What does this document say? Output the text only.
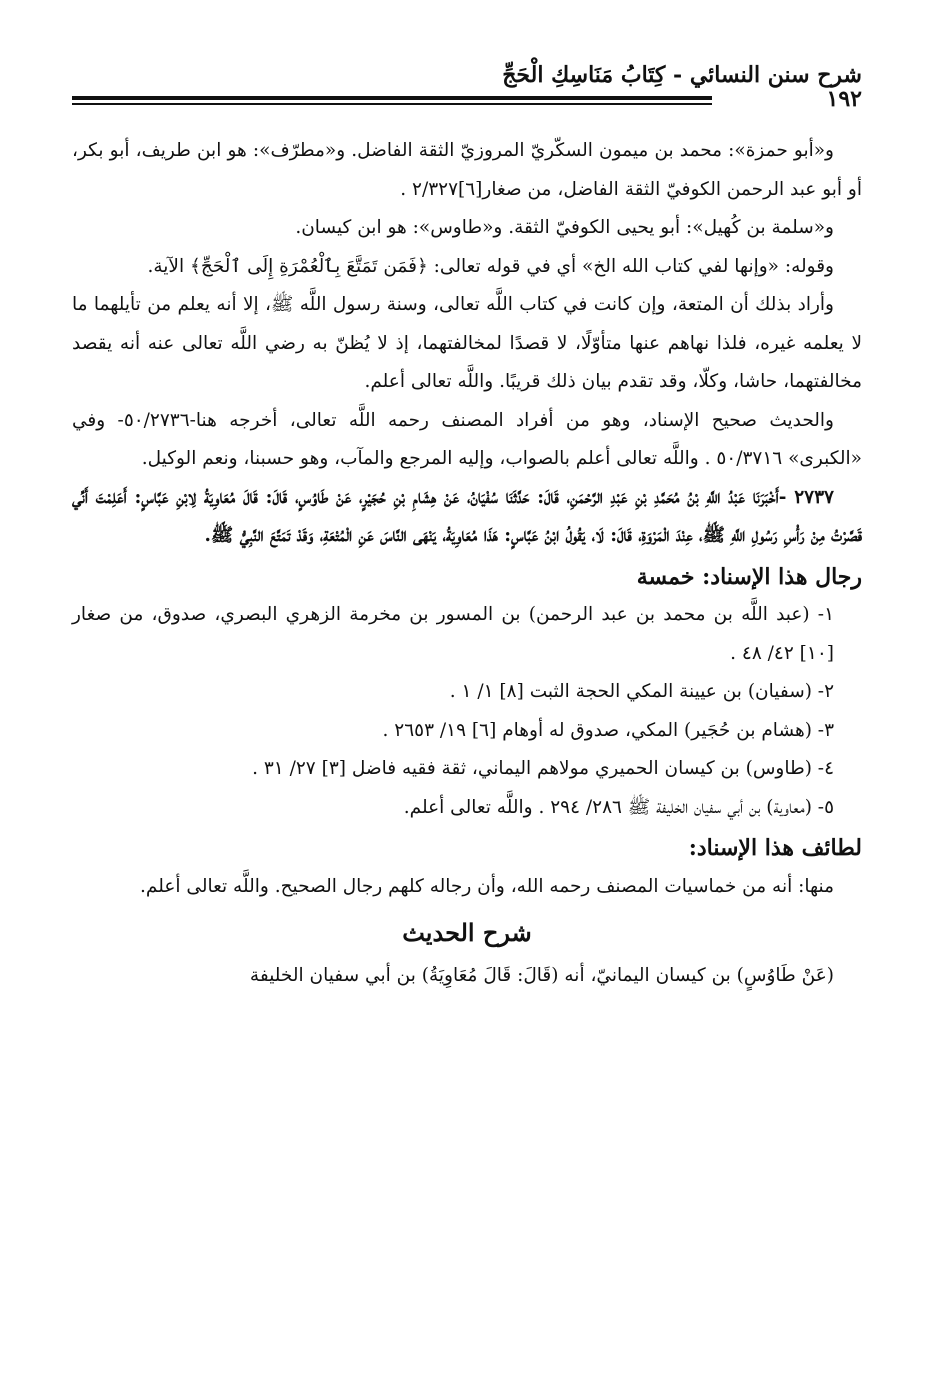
شرح سنن النسائي - كِتَابُ مَنَاسِكِ الْحَجِّ
١٩٢

و«أبو حمزة»: محمد بن ميمون السكّريّ المروزيّ الثقة الفاضل. و«مطرّف»: هو ابن طريف، أبو بكر، أو أبو عبد الرحمن الكوفيّ الثقة الفاضل، من صغار[٦]٢/٣٢٧ .

و«سلمة بن كُهيل»: أبو يحيى الكوفيّ الثقة. و«طاوس»: هو ابن كيسان.

وقوله: «وإنها لفي كتاب الله الخ» أي في قوله تعالى: ﴿فَمَن تَمَتَّعَ بِٱلْعُمْرَةِ إِلَى ٱلْحَجِّ﴾ الآية.

وأراد بذلك أن المتعة، وإن كانت في كتاب اللَّه تعالى، وسنة رسول اللَّه ﷺ، إلا أنه يعلم من تأيلهما ما لا يعلمه غيره، فلذا نهاهم عنها متأوّلًا، لا قصدًا لمخالفتهما، إذ لا يُظنّ به رضي اللَّه تعالى عنه أنه يقصد مخالفتهما، حاشا، وكلّا، وقد تقدم بيان ذلك قريبًا. واللَّه تعالى أعلم.

والحديث صحيح الإسناد، وهو من أفراد المصنف رحمه اللَّه تعالى، أخرجه هنا-٥٠/٢٧٣٦- وفي «الكبرى» ٥٠/٣٧١٦ . واللَّه تعالى أعلم بالصواب، وإليه المرجع والمآب، وهو حسبنا، ونعم الوكيل.

٢٧٣٧ -أَخْبَرَنَا عَبْدُ اللَّهِ بْنُ مُحَمَّدِ بْنِ عَبْدِ الرَّحْمَنِ، قَالَ: حَدَّثَنَا سُفْيَانُ، عَنْ هِشَامِ بْنِ حُجَيْرٍ، عَنْ طَاوُسٍ، قَالَ: قَالَ مُعَاوِيَةُ لِابْنِ عَبَّاسٍ: أَعَلِمْتَ أَنِّي قَصَّرْتُ مِنْ رَأْسِ رَسُولِ اللَّهِ ﷺ، عِنْدَ الْمَرْوَةِ، قَالَ: لَا، يَقُولُ ابْنُ عَبَّاسٍ: هَذَا مُعَاوِيَةُ، يَنْهَى النَّاسَ عَنِ الْمُتْعَةِ، وَقَدْ تَمَتَّعَ النَّبِيُّ ﷺ.

رجال هذا الإسناد: خمسة

١- (عبد اللَّه بن محمد بن عبد الرحمن) بن المسور بن مخرمة الزهري البصري، صدوق، من صغار [١٠] ٤٢/ ٤٨ .

٢- (سفيان) بن عيينة المكي الحجة الثبت [٨] ١/ ١ .

٣- (هشام بن حُجَير) المكي، صدوق له أوهام [٦] ١٩/ ٢٦٥٣ .

٤- (طاوس) بن كيسان الحميري مولاهم اليماني، ثقة فقيه فاضل [٣] ٢٧/ ٣١ .

٥- (معاوية) بن أبي سفيان الخليفة ﷺ ٢٨٦/ ٢٩٤ . واللَّه تعالى أعلم.

لطائف هذا الإسناد:

منها: أنه من خماسيات المصنف رحمه الله، وأن رجاله كلهم رجال الصحيح. واللَّه تعالى أعلم.

شرح الحديث

(عَنْ طَاوُسٍ) بن كيسان اليمانيّ، أنه (قَالَ: قَالَ مُعَاوِيَةُ) بن أبي سفيان الخليفة
